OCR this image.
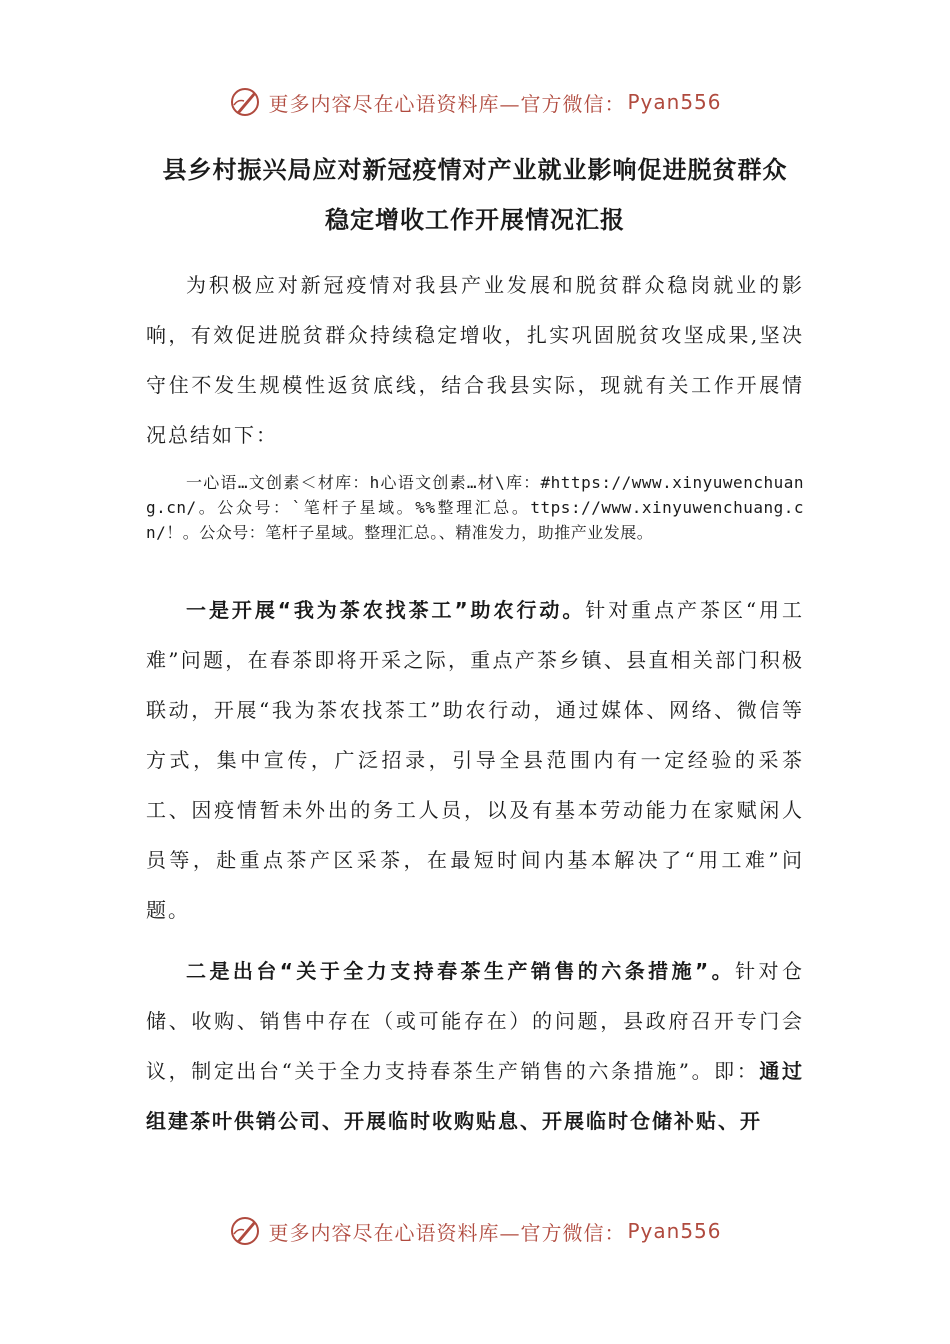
更多内容尽在心语资料库—官方微信： Pyan556
县乡村振兴局应对新冠疫情对产业就业影响促进脱贫群众
稳定增收工作开展情况汇报
为积极应对新冠疫情对我县产业发展和脱贫群众稳岗就业的影响，有效促进脱贫群众持续稳定增收，扎实巩固脱贫攻坚成果,坚决守住不发生规模性返贫底线，结合我县实际，现就有关工作开展情况总结如下：
一心语…文创素＜材库：h心语文创素…材\库：#https://www.xinyuwenchuang.cn/。公众号：`笔杆子星域。%%整理汇总。ttps://www.xinyuwenchuang.cn/！。公众号：笔杆子星域。整理汇总。、精准发力，助推产业发展。
一是开展“我为茶农找茶工”助农行动。针对重点产茶区“用工难”问题，在春茶即将开采之际，重点产茶乡镇、县直相关部门积极联动，开展“我为茶农找茶工”助农行动，通过媒体、网络、微信等方式，集中宣传，广泛招录，引导全县范围内有一定经验的采茶工、因疫情暂未外出的务工人员，以及有基本劳动能力在家赋闲人员等，赴重点茶产区采茶，在最短时间内基本解决了“用工难”问题。
二是出台“关于全力支持春茶生产销售的六条措施”。针对仓储、收购、销售中存在（或可能存在）的问题，县政府召开专门会议，制定出台“关于全力支持春茶生产销售的六条措施”。即：通过组建茶叶供销公司、开展临时收购贴息、开展临时仓储补贴、开
更多内容尽在心语资料库—官方微信： Pyan556
